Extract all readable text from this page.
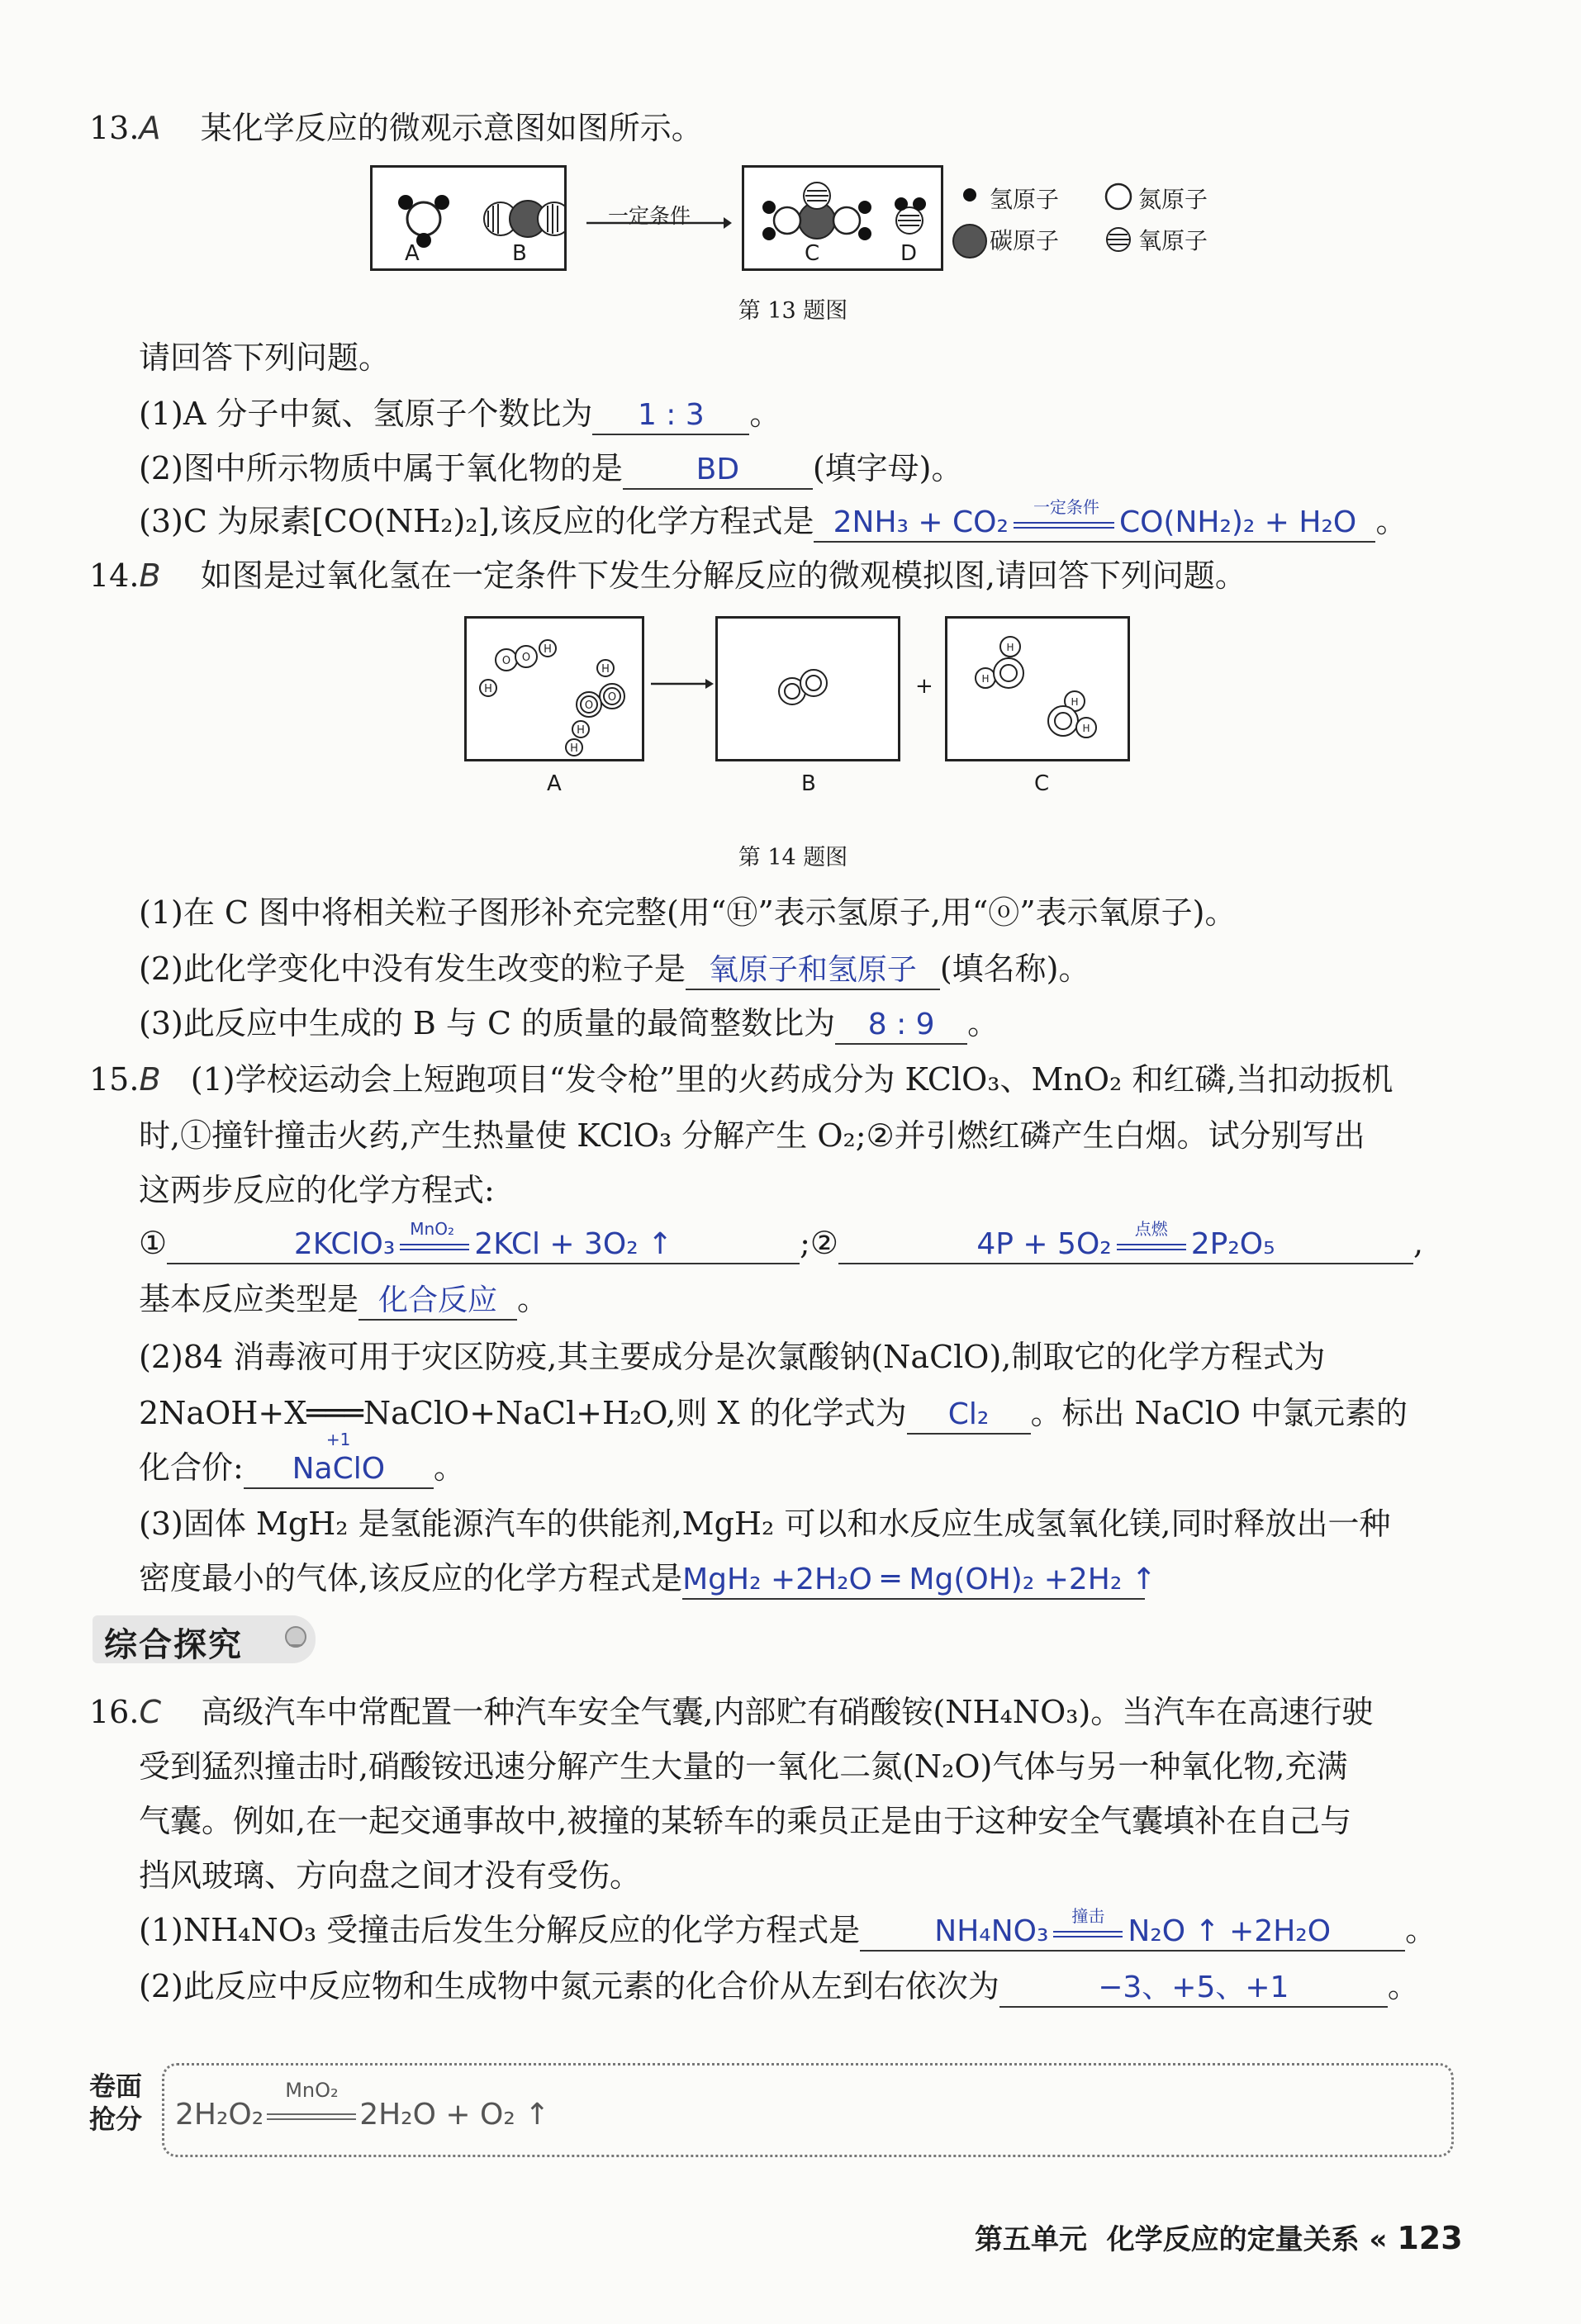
13.A 某化学反应的微观示意图如图所示。
A	B
一定条件
C	D
氢原子	氮原子
碳原子	氧原子
第 13 题图
请回答下列问题。
(1)A 分子中氮、氢原子个数比为 1 : 3 。
(2)图中所示物质中属于氧化物的是 BD (填字母)。
(3)C 为尿素[CO(NH₂)₂],该反应的化学方程式是 2NH₃ + CO₂ 一定条件 CO(NH₂)₂ + H₂O 。
14.B 如图是过氧化氢在一定条件下发生分解反应的微观模拟图,请回答下列问题。
O O
H
H
H
O
O
H
H
A	B
+	H
H
H
H
C
第 14 题图
(1)在 C 图中将相关粒子图形补充完整(用“Ⓗ”表示氢原子,用“ⓞ”表示氧原子)。
(2)此化学变化中没有发生改变的粒子是 氧原子和氢原子 (填名称)。
(3)此反应中生成的 B 与 C 的质量的最简整数比为 8 : 9 。
15.B (1)学校运动会上短跑项目“发令枪”里的火药成分为 KClO₃、MnO₂ 和红磷,当扣动扳机
时,①撞针撞击火药,产生热量使 KClO₃ 分解产生 O₂;②并引燃红磷产生白烟。试分别写出
这两步反应的化学方程式:
①	2KClO₃ MnO₂ 2KCl + 3O₂ ↑	;②	4P + 5O₂ 点燃 2P₂O₅	,
基本反应类型是 化合反应 。
(2)84 消毒液可用于灾区防疫,其主要成分是次氯酸钠(NaClO),制取它的化学方程式为
2NaOH+X═══NaClO+NaCl+H₂O,则 X 的化学式为 Cl₂ 。标出 NaClO 中氯元素的
化合价:
+1
NaClO 。
(3)固体 MgH₂ 是氢能源汽车的供能剂,MgH₂ 可以和水反应生成氢氧化镁,同时释放出一种
密度最小的气体,该反应的化学方程式是MgH₂ +2H₂O ═ Mg(OH)₂ +2H₂ ↑
综合探究
16.C 高级汽车中常配置一种汽车安全气囊,内部贮有硝酸铵(NH₄NO₃)。当汽车在高速行驶
受到猛烈撞击时,硝酸铵迅速分解产生大量的一氧化二氮(N₂O)气体与另一种氧化物,充满
气囊。例如,在一起交通事故中,被撞的某轿车的乘员正是由于这种安全气囊填补在自己与
挡风玻璃、方向盘之间才没有受伤。
(1)NH₄NO₃ 受撞击后发生分解反应的化学方程式是	NH₄NO₃ 撞击 N₂O ↑ +2H₂O 。
(2)此反应中反应物和生成物中氮元素的化合价从左到右依次为	−3、+5、+1	。
卷面
抢分	2H₂O₂
MnO₂
2H₂O + O₂ ↑
第五单元 化学反应的定量关系 « 123
